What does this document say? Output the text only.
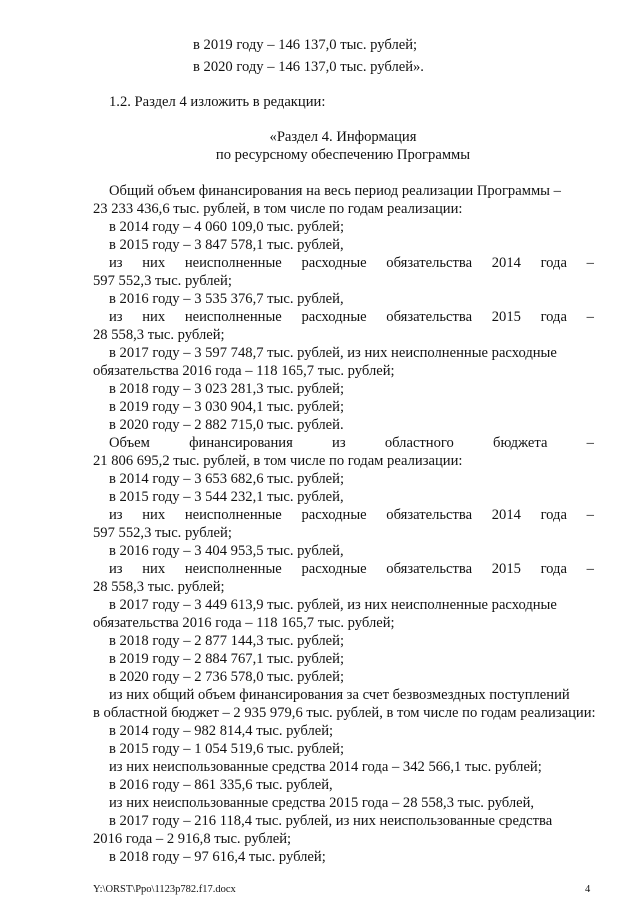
в 2019 году – 146 137,0 тыс. рублей;
в 2020 году – 146 137,0 тыс. рублей».
1.2. Раздел 4 изложить в редакции:
«Раздел 4. Информация
по ресурсному обеспечению Программы
Общий объем финансирования на весь период реализации Программы –
23 233 436,6 тыс. рублей, в том числе по годам реализации:
в 2014 году – 4 060 109,0 тыс. рублей;
в 2015 году – 3 847 578,1 тыс. рублей,
из них неисполненные расходные обязательства 2014 года –
597 552,3 тыс. рублей;
в 2016 году – 3 535 376,7 тыс. рублей,
из них неисполненные расходные обязательства 2015 года –
28 558,3 тыс. рублей;
в 2017 году – 3 597 748,7 тыс. рублей, из них неисполненные расходные
обязательства 2016 года – 118 165,7 тыс. рублей;
в 2018 году – 3 023 281,3 тыс. рублей;
в 2019 году – 3 030 904,1 тыс. рублей;
в 2020 году – 2 882 715,0 тыс. рублей.
Объем	финансирования	из	областного	бюджета	–
21 806 695,2 тыс. рублей, в том числе по годам реализации:
в 2014 году – 3 653 682,6 тыс. рублей;
в 2015 году – 3 544 232,1 тыс. рублей,
из них неисполненные расходные обязательства 2014 года –
597 552,3 тыс. рублей;
в 2016 году – 3 404 953,5 тыс. рублей,
из них неисполненные расходные обязательства 2015 года –
28 558,3 тыс. рублей;
в 2017 году – 3 449 613,9 тыс. рублей, из них неисполненные расходные
обязательства 2016 года – 118 165,7 тыс. рублей;
в 2018 году – 2 877 144,3 тыс. рублей;
в 2019 году – 2 884 767,1 тыс. рублей;
в 2020 году – 2 736 578,0 тыс. рублей;
из них общий объем финансирования за счет безвозмездных поступлений
в областной бюджет – 2 935 979,6 тыс. рублей, в том числе по годам реализации:
в 2014 году – 982 814,4 тыс. рублей;
в 2015 году – 1 054 519,6 тыс. рублей;
из них неиспользованные средства 2014 года – 342 566,1 тыс. рублей;
в 2016 году – 861 335,6 тыс. рублей,
из них неиспользованные средства 2015 года – 28 558,3 тыс. рублей,
в 2017 году – 216 118,4 тыс. рублей, из них неиспользованные средства
2016 года – 2 916,8 тыс. рублей;
в 2018 году – 97 616,4 тыс. рублей;
Y:\ORST\Ppo\1123p782.f17.docx	4
